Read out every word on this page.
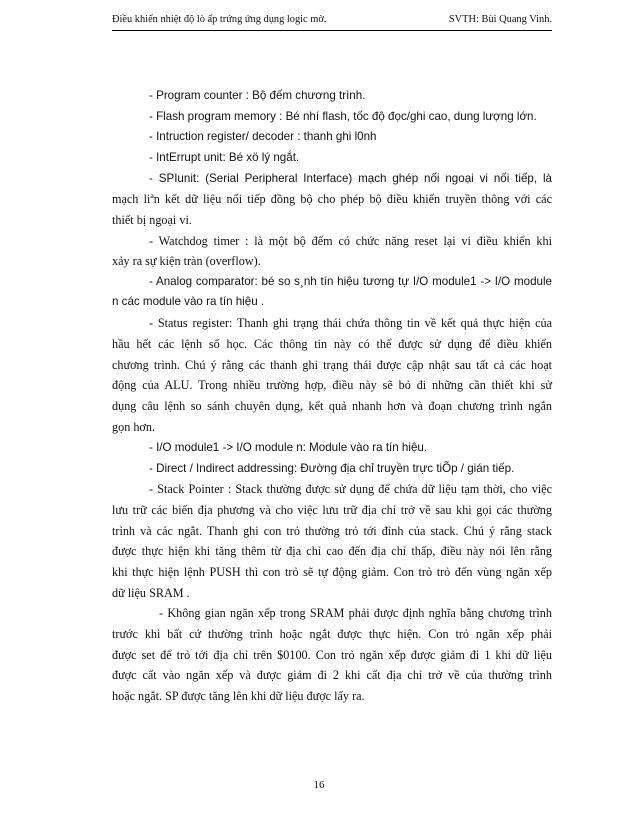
Điều khiển nhiệt độ lò ấp trứng ứng dụng logic mờ.	SVTH: Bùi Quang Vinh.
- Program counter : Bộ đếm chương trình.
- Flash program memory : Bé nhí flash, tốc độ đọc/ghi cao, dung lượng lớn.
- Intruction register/ decoder : thanh ghi l0nh
- IntErrupt unit: Bé xö lý ngắt.
- SPIunit: (Serial Peripheral Interface) mạch ghép nối ngoại vi nối tiếp, là
mạch liªn kết dữ liệu nối tiếp đồng bộ cho phép bộ điều khiển truyền thông với các
thiết bị ngoại vi.
- Watchdog timer : là một bộ đếm có chức năng reset lại vi điều khiển khi
xảy ra sự kiện tràn (overflow).
- Analog comparator: bé so s¸nh tín hiệu tương tự I/O module1 -> I/O module
n các module vào ra tín hiệu .
- Status register: Thanh ghi trạng thái chứa thông tin về kết quả thực hiện của
hầu hết các lệnh số học. Các thông tin này có thể được sử dụng để điều khiển
chương trình. Chú ý rằng các thanh ghi trạng thái được cập nhật sau tất cả các hoạt
động của ALU. Trong nhiều trường hợp, điều này sẽ bỏ đi những cần thiết khi sử
dụng câu lệnh so sánh chuyên dụng, kết quả nhanh hơn và đoạn chương trình ngắn
gọn hơn.
- I/O module1 -> I/O module n: Module vào ra tín hiệu.
- Direct / Indirect addressing: Đường địa chỉ truyền trực tiÕp / gián tiếp.
- Stack Pointer : Stack thường được sử dụng để chứa dữ liệu tạm thời, cho việc
lưu trữ các biến địa phương và cho việc lưu trữ địa chỉ trở về sau khi gọi các thường
trình và các ngắt. Thanh ghi con trỏ thường trỏ tới đỉnh của stack. Chú ý rằng stack
được thực hiện khi tăng thêm từ địa chỉ cao đến địa chỉ thấp, điều này nói lên rằng
khi thực hiện lệnh PUSH thì con trỏ sẽ tự động giảm. Con trỏ trỏ đến vùng ngăn xếp
dữ liệu SRAM .
- Không gian ngăn xếp trong SRAM phải được định nghĩa bằng chương trình
trước khi bất cứ thường trình hoặc ngắt được thực hiện. Con trỏ ngăn xếp phải
được set để trỏ tới địa chỉ trên $0100. Con trỏ ngăn xếp được giảm đi 1 khi dữ liệu
được cất vào ngăn xếp và được giảm đi 2 khi cất địa chỉ trở về của thường trình
hoặc ngắt. SP được tăng lên khi dữ liệu được lấy ra.
16
